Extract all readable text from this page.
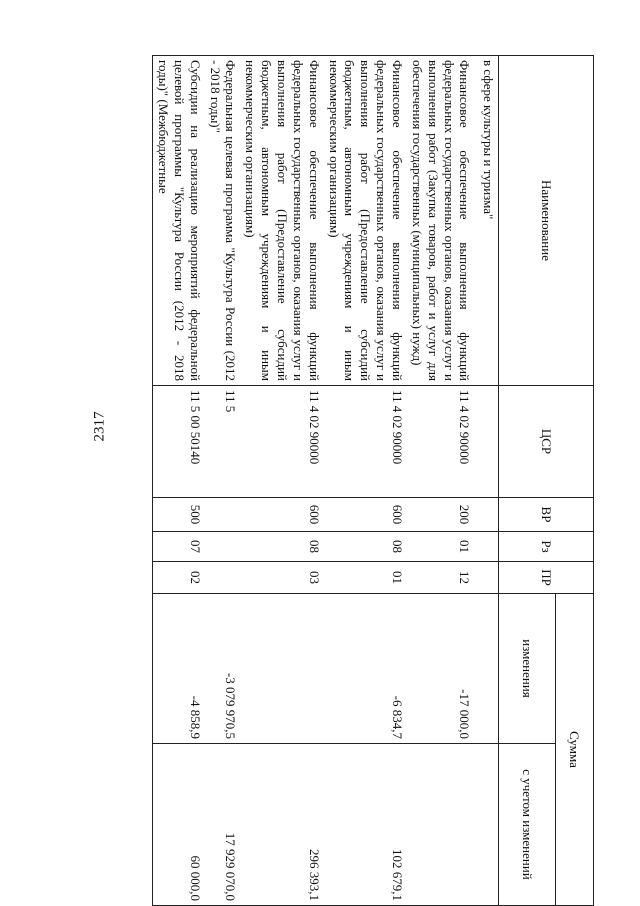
2317
Наименование	ЦСР	ВР	Рз	ПР	Сумма	
					изменения	с учетом изменений
в сфере культуры и туризма"						
Финансовое обеспечение выполнения функций федеральных государственных органов, оказания услуг и выполнения работ (Закупка товаров, работ и услуг для обеспечения государственных (муниципальных) нужд)	11 4 02 90000	200	01	12	-17 000,0	
Финансовое обеспечение выполнения функций федеральных государственных органов, оказания услуг и выполнения работ (Предоставление субсидий бюджетным, автономным учреждениям и иным некоммерческим организациям)	11 4 02 90000	600	08	01	-6 834,7	102 679,1
Финансовое обеспечение выполнения функций федеральных государственных органов, оказания услуг и выполнения работ (Предоставление субсидий бюджетным, автономным учреждениям и иным некоммерческим организациям)	11 4 02 90000	600	08	03		296 393,1
Федеральная целевая программа "Культура России (2012 - 2018 годы)"	11 5				-3 079 970,5	17 929 070,0
Субсидии на реализацию мероприятий федеральной целевой программы "Культура России (2012 - 2018 годы)" (Межбюджетные	11 5 00 50140	500	07	02	-4 858,9	60 000,0
